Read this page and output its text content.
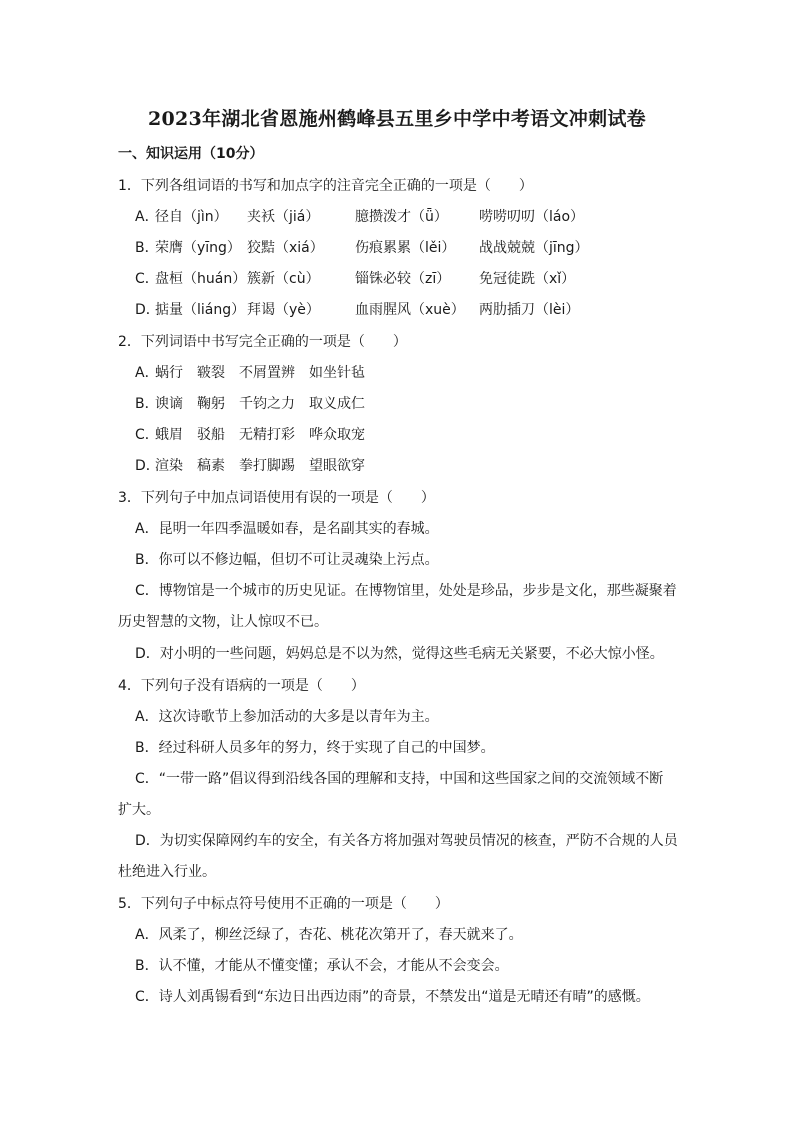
2023年湖北省恩施州鹤峰县五里乡中学中考语文冲刺试卷
一、知识运用（10分）
1．下列各组词语的书写和加点字的注音完全正确的一项是（　　）
A．径自（jìn） 夹袄（jiá）	臆攒泼才（ǖ） 唠唠叨叨（láo）
B．荣膺（yīng） 狡黠（xiá） 伤痕累累（lěi） 战战兢兢（jīng）
C．盘桓（huán）簇新（cù）	锱铢必较（zī） 免冠徒跣（xǐ）
D．掂量（liáng） 拜谒（yè）	血雨腥风（xuè） 两肋插刀（lèi）
2．下列词语中书写完全正确的一项是（　　）
A．蜗行 皲裂 不屑置辨 如坐针毡
B．谀谪 鞠躬 千钧之力 取义成仁
C．蛾眉 驳船 无精打彩 哗众取宠
D．渲染 稿素 拳打脚踢 望眼欲穿
3．下列句子中加点词语使用有误的一项是（　　）
A．昆明一年四季温暖如春，是名副其实的春城。
B．你可以不修边幅，但切不可让灵魂染上污点。
C．博物馆是一个城市的历史见证。在博物馆里，处处是珍品，步步是文化，那些凝聚着
历史智慧的文物，让人惊叹不已。
D．对小明的一些问题，妈妈总是不以为然，觉得这些毛病无关紧要，不必大惊小怪。
4．下列句子没有语病的一项是（　　）
A．这次诗歌节上参加活动的大多是以青年为主。
B．经过科研人员多年的努力，终于实现了自己的中国梦。
C．“一带一路”倡议得到沿线各国的理解和支持，中国和这些国家之间的交流领域不断
扩大。
D．为切实保障网约车的安全，有关各方将加强对驾驶员情况的核查，严防不合规的人员
杜绝进入行业。
5．下列句子中标点符号使用不正确的一项是（　　）
A．风柔了，柳丝泛绿了，杏花、桃花次第开了，春天就来了。
B．认不懂，才能从不懂变懂；承认不会，才能从不会变会。
C．诗人刘禹锡看到“东边日出西边雨”的奇景，不禁发出“道是无晴还有晴”的感慨。
